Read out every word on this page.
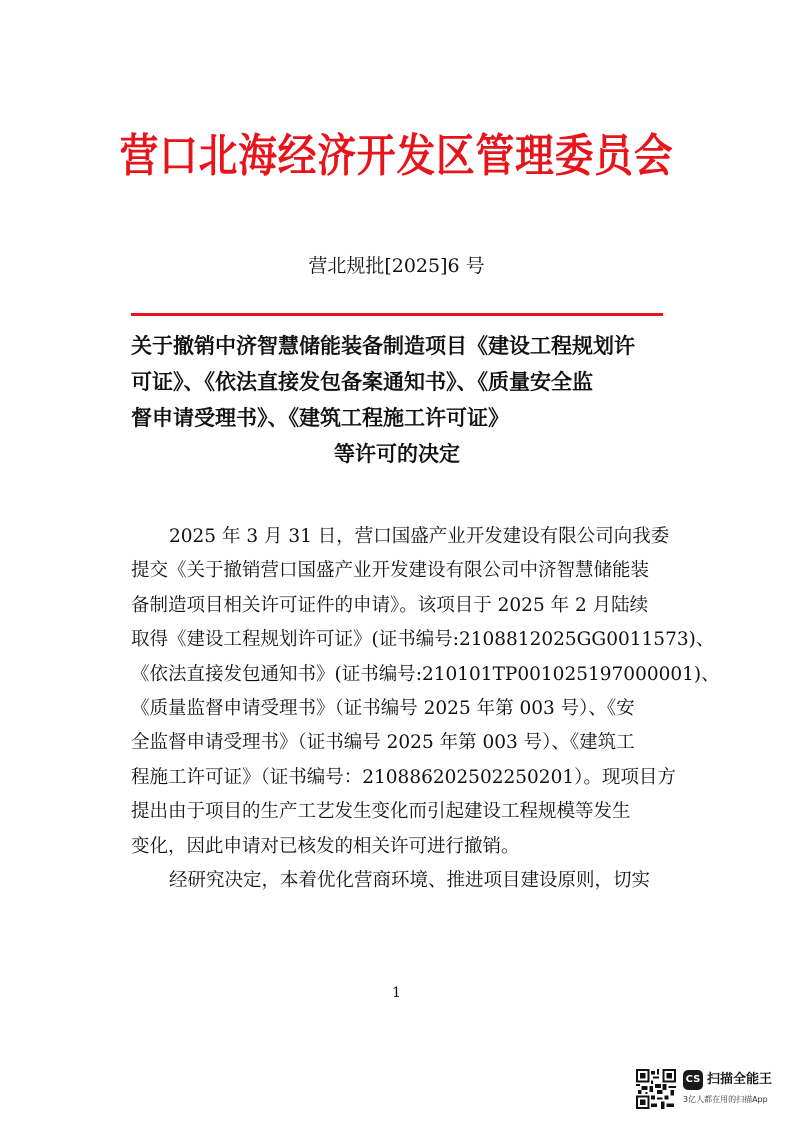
营口北海经济开发区管理委员会
营北规批[2025]6 号
关于撤销中济智慧储能装备制造项目《建设工程规划许
可证》、《依法直接发包备案通知书》、《质量安全监
督申请受理书》、《建筑工程施工许可证》
等许可的决定
2025 年 3 月 31 日，营口国盛产业开发建设有限公司向我委
提交《关于撤销营口国盛产业开发建设有限公司中济智慧储能装
备制造项目相关许可证件的申请》。该项目于 2025 年 2 月陆续
取得《建设工程规划许可证》(证书编号:2108812025GG0011573)、
《依法直接发包通知书》(证书编号:210101TP001025197000001)、
《质量监督申请受理书》（证书编号 2025 年第 003 号）、《安
全监督申请受理书》（证书编号 2025 年第 003 号）、《建筑工
程施工许可证》（证书编号：210886202502250201）。现项目方
提出由于项目的生产工艺发生变化而引起建设工程规模等发生
变化，因此申请对已核发的相关许可进行撤销。
经研究决定，本着优化营商环境、推进项目建设原则，切实
1
CS 扫描全能王
3亿人都在用的扫描App
